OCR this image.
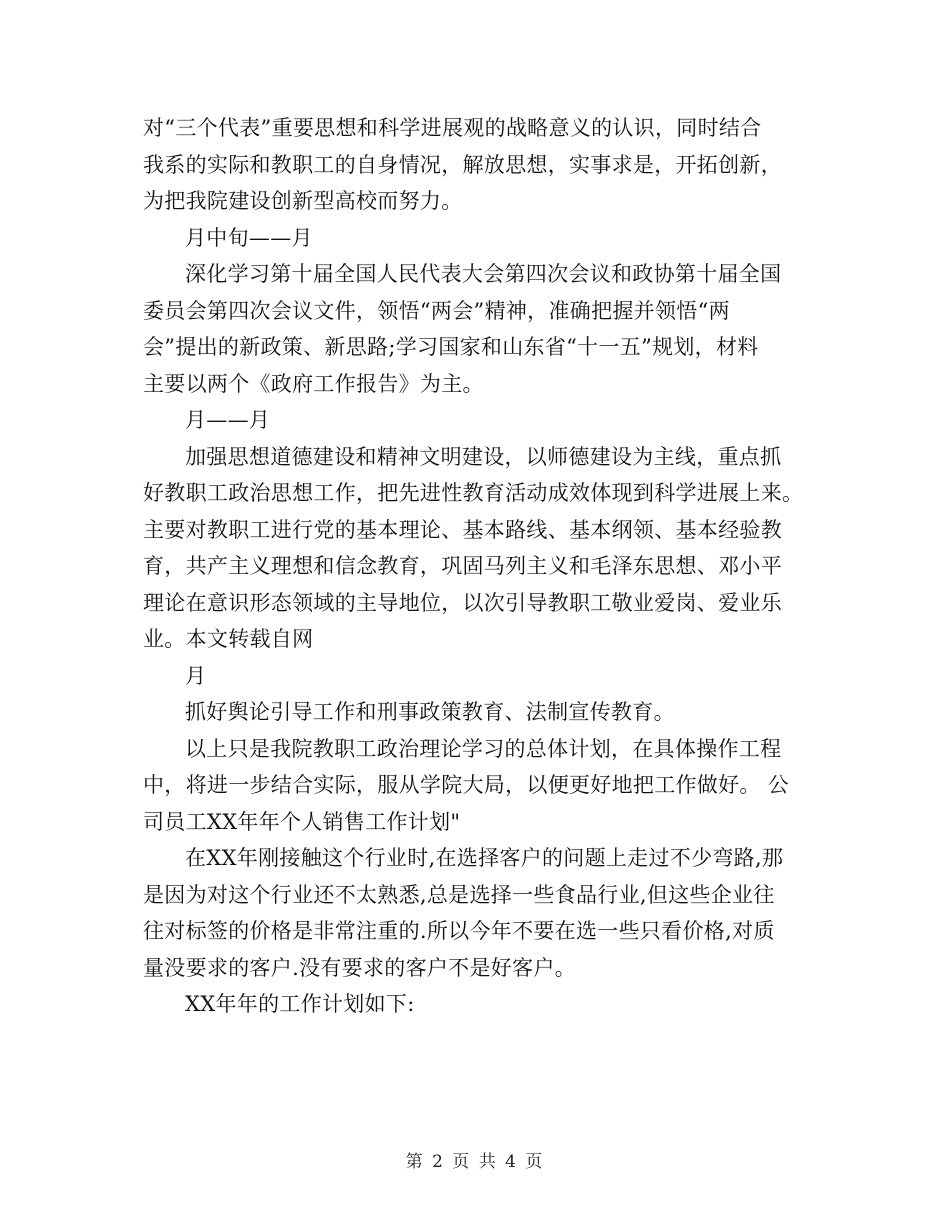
对“三个代表”重要思想和科学进展观的战略意义的认识，同时结合
我系的实际和教职工的自身情况，解放思想，实事求是，开拓创新，
为把我院建设创新型高校而努力。
月中旬——月
深化学习第十届全国人民代表大会第四次会议和政协第十届全国
委员会第四次会议文件，领悟“两会”精神，准确把握并领悟“两
会”提出的新政策、新思路;学习国家和山东省“十一五”规划，材料
主要以两个《政府工作报告》为主。
月——月
加强思想道德建设和精神文明建设，以师德建设为主线，重点抓
好教职工政治思想工作，把先进性教育活动成效体现到科学进展上来。
主要对教职工进行党的基本理论、基本路线、基本纲领、基本经验教
育，共产主义理想和信念教育，巩固马列主义和毛泽东思想、邓小平
理论在意识形态领域的主导地位，以次引导教职工敬业爱岗、爱业乐
业。本文转载自网
月
抓好舆论引导工作和刑事政策教育、法制宣传教育。
以上只是我院教职工政治理论学习的总体计划，在具体操作工程
中，将进一步结合实际，服从学院大局，以便更好地把工作做好。 公
司员工XX年年个人销售工作计划"
在XX年刚接触这个行业时,在选择客户的问题上走过不少弯路,那
是因为对这个行业还不太熟悉,总是选择一些食品行业,但这些企业往
往对标签的价格是非常注重的.所以今年不要在选一些只看价格,对质
量没要求的客户.没有要求的客户不是好客户。
XX年年的工作计划如下:
第 2 页 共 4 页
